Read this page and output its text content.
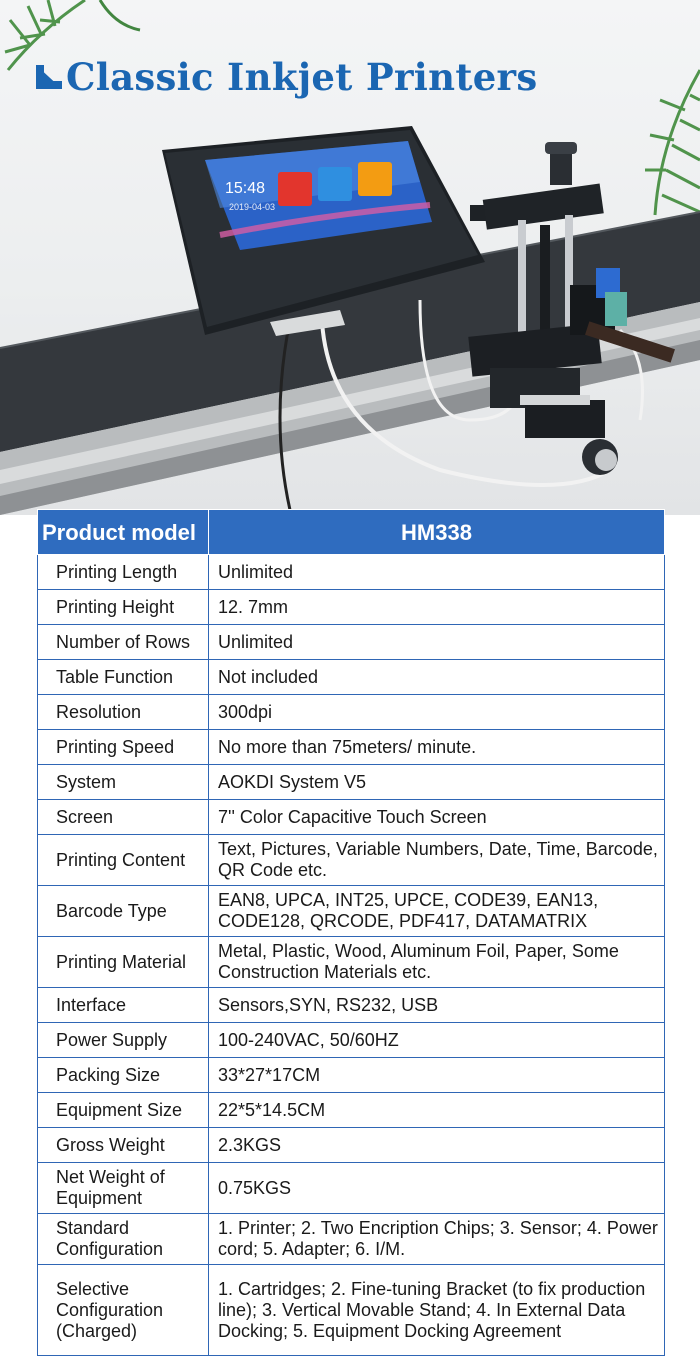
Classic Inkjet Printers
15:48
2019-04-03
Product model	HM338
Printing Length	Unlimited
Printing Height	12. 7mm
Number of Rows	Unlimited
Table Function	Not included
Resolution	300dpi
Printing Speed	No more than 75meters/ minute.
System	AOKDI System V5
Screen	7'' Color Capacitive Touch Screen
Printing Content	Text, Pictures, Variable Numbers, Date, Time, Barcode, QR Code etc.
Barcode Type	EAN8, UPCA, INT25, UPCE, CODE39, EAN13, CODE128, QRCODE, PDF417, DATAMATRIX
Printing Material	Metal, Plastic, Wood, Aluminum Foil, Paper, Some Construction Materials etc.
Interface	Sensors,SYN, RS232, USB
Power Supply	100-240VAC, 50/60HZ
Packing Size	33*27*17CM
Equipment Size	22*5*14.5CM
Gross Weight	2.3KGS
Net Weight of Equipment	0.75KGS
Standard Configuration	1. Printer; 2. Two Encription Chips; 3. Sensor; 4. Power cord; 5. Adapter; 6. I/M.
Selective Configuration (Charged)	1. Cartridges; 2. Fine-tuning Bracket (to fix production line); 3. Vertical Movable Stand; 4. In External Data Docking; 5. Equipment Docking Agreement
